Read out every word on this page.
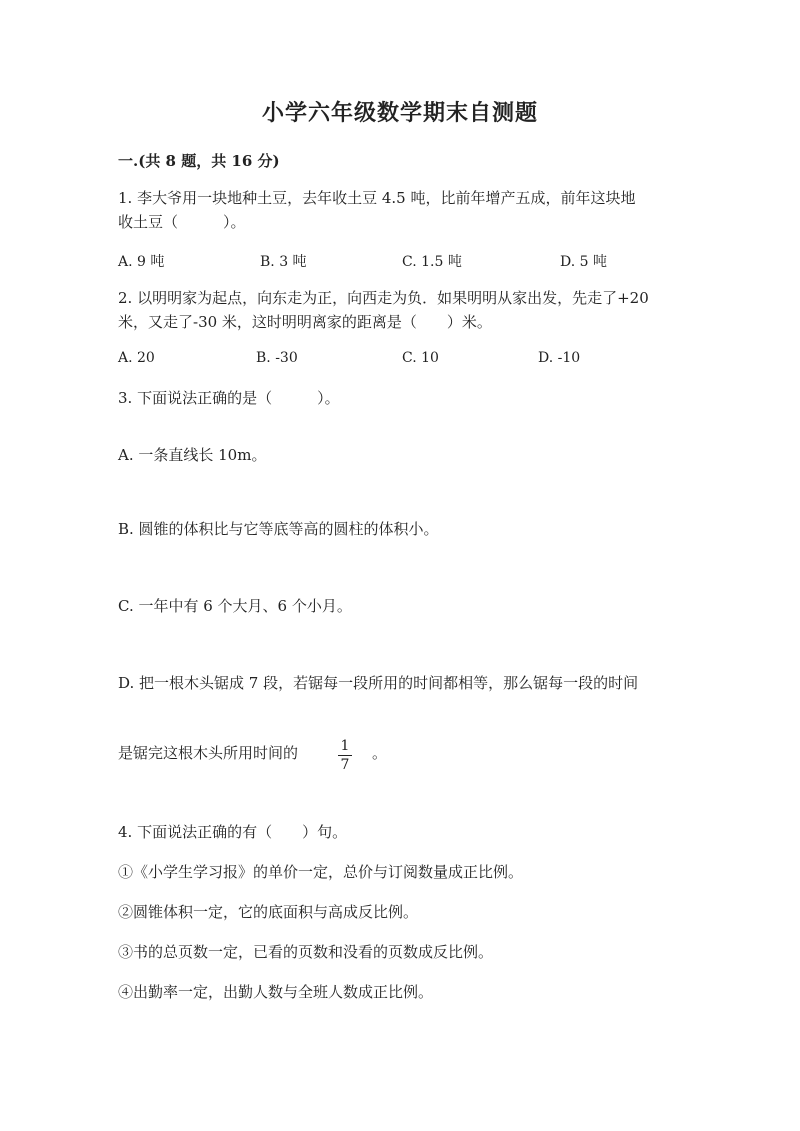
小学六年级数学期末自测题
一.(共 8 题，共 16 分)
1. 李大爷用一块地种土豆，去年收土豆 4.5 吨，比前年增产五成，前年这块地
收土豆（　　　）。
A. 9 吨	B. 3 吨	C. 1.5 吨	D. 5 吨
2. 以明明家为起点，向东走为正，向西走为负．如果明明从家出发，先走了+20
米，又走了-30 米，这时明明离家的距离是（　　）米。
A. 20	B. -30	C. 10	D. -10
3. 下面说法正确的是（　　　）。
A. 一条直线长 10m。
B. 圆锥的体积比与它等底等高的圆柱的体积小。
C. 一年中有 6 个大月、6 个小月。
D. 把一根木头锯成 7 段，若锯每一段所用的时间都相等，那么锯每一段的时间
是锯完这根木头所用时间的	$\frac{1}{7}$ 。
4. 下面说法正确的有（　　）句。
①《小学生学习报》的单价一定，总价与订阅数量成正比例。
②圆锥体积一定，它的底面积与高成反比例。
③书的总页数一定，已看的页数和没看的页数成反比例。
④出勤率一定，出勤人数与全班人数成正比例。
